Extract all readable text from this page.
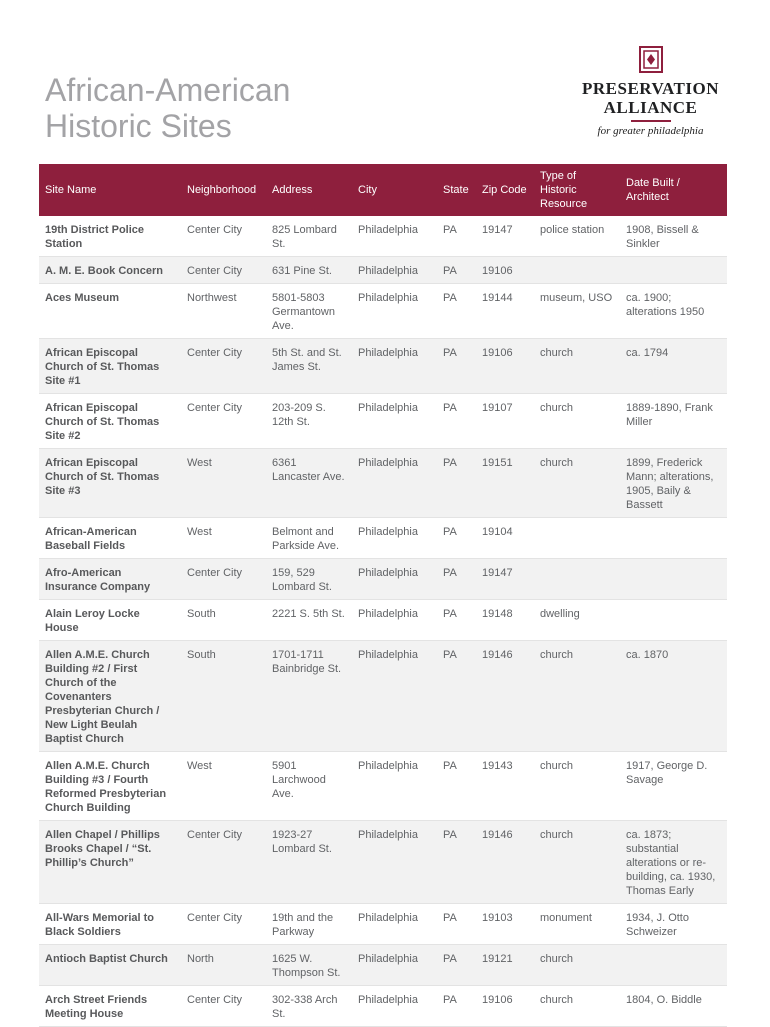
African-American
Historic Sites
PRESERVATION
ALLIANCE
for greater philadelphia
Site Name	Neighborhood	Address	City	State	Zip Code	Type of Historic Resource	Date Built / Architect
19th District Police Station	Center City	825 Lombard St.	Philadelphia	PA	19147	police station	1908, Bissell & Sinkler
A. M. E. Book Concern	Center City	631 Pine St.	Philadelphia	PA	19106		
Aces Museum	Northwest	5801-5803 Germantown Ave.	Philadelphia	PA	19144	museum, USO	ca. 1900; alterations 1950
African Episcopal Church of St. Thomas Site #1	Center City	5th St. and St. James St.	Philadelphia	PA	19106	church	ca. 1794
African Episcopal Church of St. Thomas Site #2	Center City	203-209 S. 12th St.	Philadelphia	PA	19107	church	1889-1890, Frank Miller
African Episcopal Church of St. Thomas Site #3	West	6361 Lancaster Ave.	Philadelphia	PA	19151	church	1899, Frederick Mann; alterations, 1905, Baily & Bassett
African-American Baseball Fields	West	Belmont and Parkside Ave.	Philadelphia	PA	19104		
Afro-American Insurance Company	Center City	159, 529 Lombard St.	Philadelphia	PA	19147		
Alain Leroy Locke House	South	2221 S. 5th St.	Philadelphia	PA	19148	dwelling	
Allen A.M.E. Church Building #2 / First Church of the Covenanters Presbyterian Church / New Light Beulah Baptist Church	South	1701-1711 Bainbridge St.	Philadelphia	PA	19146	church	ca. 1870
Allen A.M.E. Church Building #3 / Fourth Reformed Presbyterian Church Building	West	5901 Larchwood Ave.	Philadelphia	PA	19143	church	1917, George D. Savage
Allen Chapel / Phillips Brooks Chapel / “St. Phillip’s Church”	Center City	1923-27 Lombard St.	Philadelphia	PA	19146	church	ca. 1873; substantial alterations or re-building, ca. 1930, Thomas Early
All-Wars Memorial to Black Soldiers	Center City	19th and the Parkway	Philadelphia	PA	19103	monument	1934, J. Otto Schweizer
Antioch Baptist Church	North	1625 W. Thompson St.	Philadelphia	PA	19121	church	
Arch Street Friends Meeting House	Center City	302-338 Arch St.	Philadelphia	PA	19106	church	1804, O. Biddle
